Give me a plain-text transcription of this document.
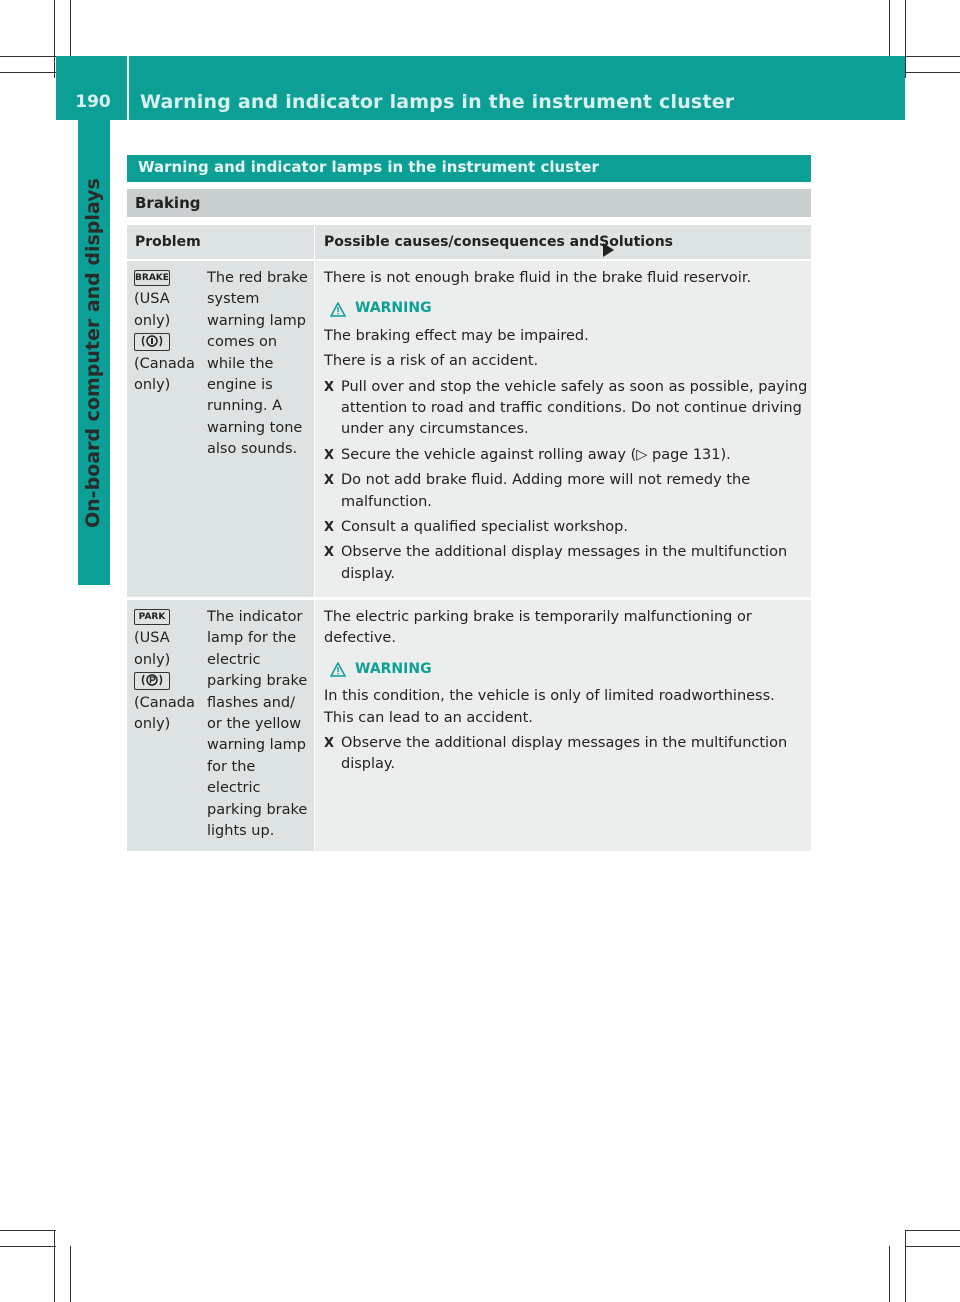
190	Warning and indicator lamps in the instrument cluster
On-board computer and displays
Warning and indicator lamps in the instrument cluster
Braking
Problem	Possible causes/consequences and
Solutions
BRAKE
(USA only)
(Canada only)
The red brake system warning lamp comes on while the engine is running. A warning tone also sounds.

There is not enough brake fluid in the brake fluid reservoir.

WARNING

The braking effect may be impaired.

There is a risk of an accident.

X Pull over and stop the vehicle safely as soon as possible, paying attention to road and traffic conditions. Do not continue driving under any circumstances.

X Secure the vehicle against rolling away (▷ page 131).

X Do not add brake fluid. Adding more will not remedy the malfunction.

X Consult a qualified specialist workshop.

X Observe the additional display messages in the multifunction display.

PARK
(USA only)
(Canada only)
The indicator lamp for the electric parking brake flashes and/ or the yellow warning lamp for the electric parking brake lights up.

The electric parking brake is temporarily malfunctioning or defective.

WARNING

In this condition, the vehicle is only of limited roadworthiness. This can lead to an accident.

X Observe the additional display messages in the multifunction display.
